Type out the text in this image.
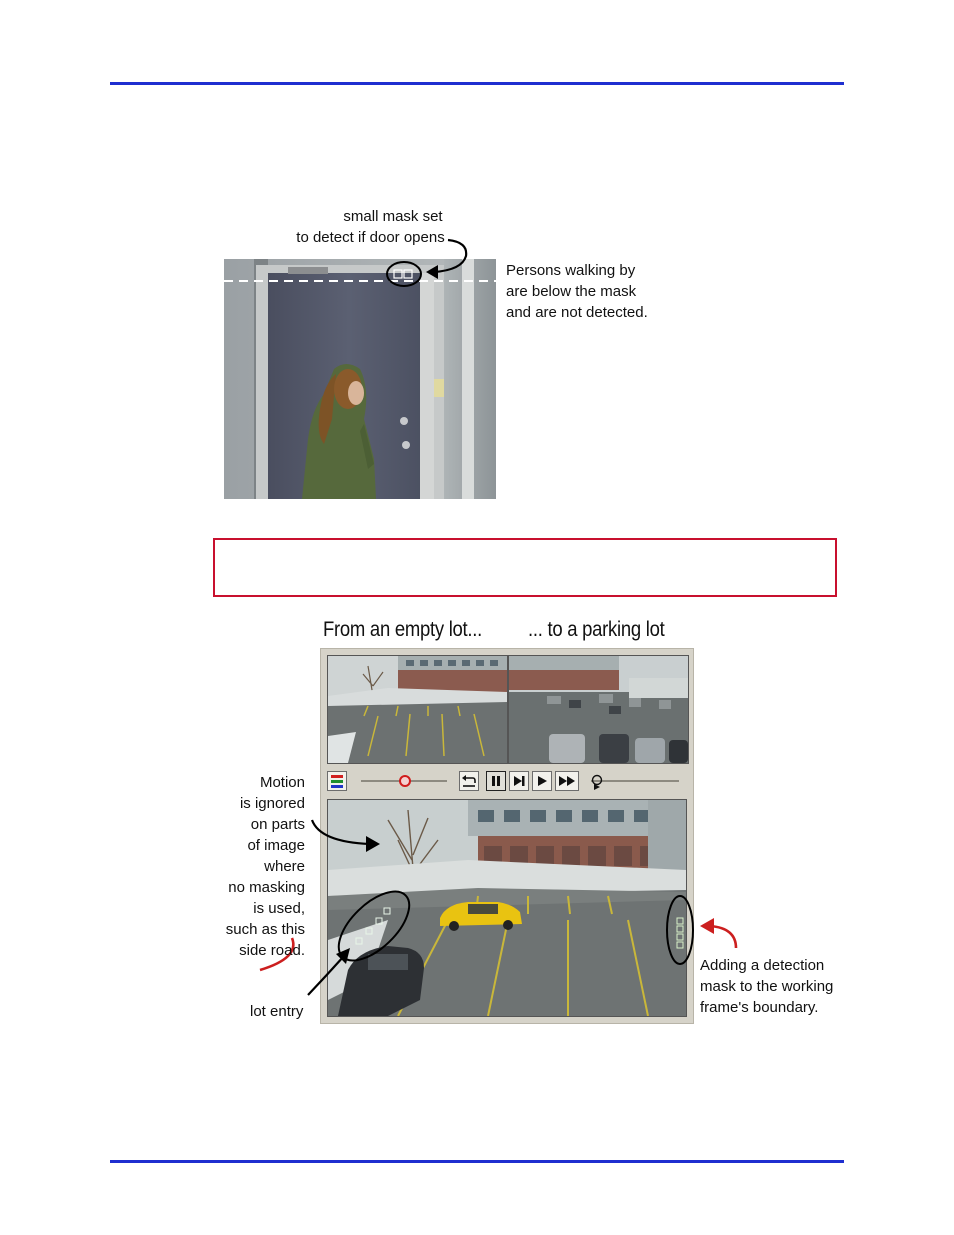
small mask set
to detect if door opens
Persons walking by
are below the mask
and are not detected.
From an empty lot... ... to a parking lot
Motion
is ignored
on parts
of image
where
no masking
is used,
such as this
side road.
lot entry
Adding a detection
mask to the working
frame's boundary.
